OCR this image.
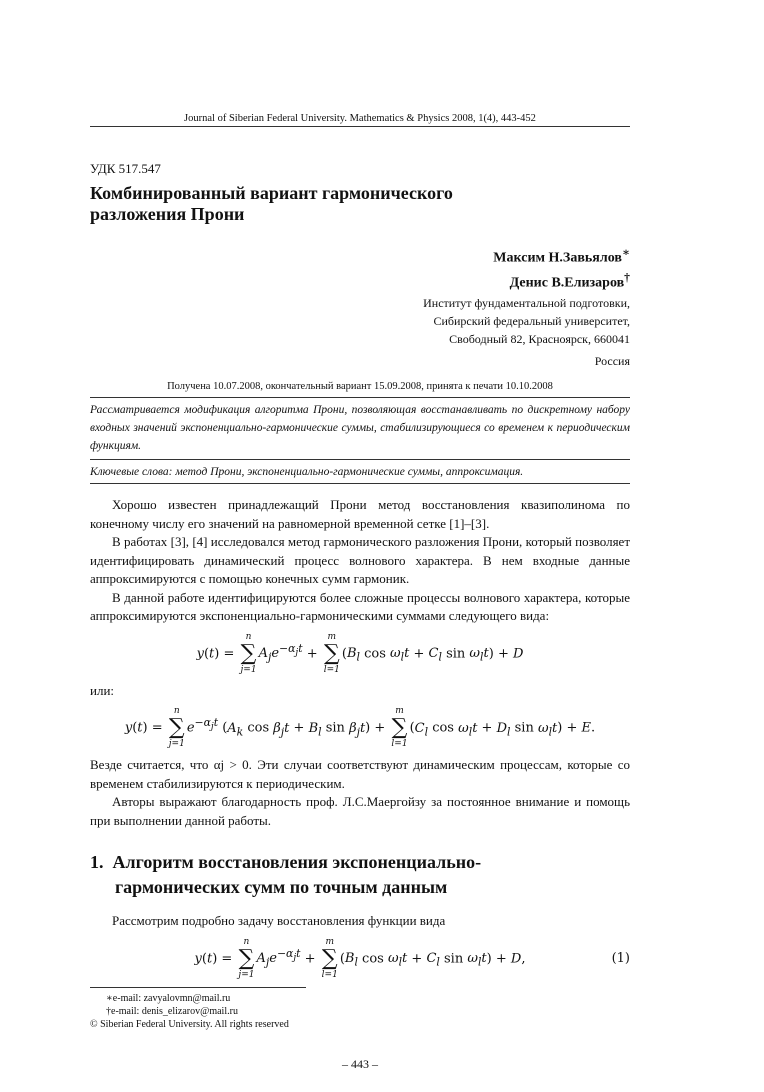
Journal of Siberian Federal University. Mathematics & Physics 2008, 1(4), 443-452
УДК 517.547
Комбинированный вариант гармонического
разложения Прони
Максим Н.Завьялов∗
Денис В.Елизаров†
Институт фундаментальной подготовки,
Сибирский федеральный университет,
Свободный 82, Красноярск, 660041
Россия
Получена 10.07.2008, окончательный вариант 15.09.2008, принята к печати 10.10.2008
Рассматривается модификация алгоритма Прони, позволяющая восстанавливать по дискретному набору входных значений экспоненциально-гармонические суммы, стабилизирующиеся со временем к периодическим функциям.
Ключевые слова: метод Прони, экспоненциально-гармонические суммы, аппроксимация.

Хорошо известен принадлежащий Прони метод восстановления квазиполинома по конечному числу его значений на равномерной временной сетке [1]–[3].

В работах [3], [4] исследовался метод гармонического разложения Прони, который позволяет идентифицировать динамический процесс волнового характера. В нем входные данные аппроксимируются с помощью конечных сумм гармоник.

В данной работе идентифицируются более сложные процессы волнового характера, которые аппроксимируются экспоненциально-гармоническими суммами следующего вида:

y(t) =
n
∑
j=1
$A_je^{-\alpha_jt}$ +
m
∑
l=1
($B_l$ $\cos \omega_lt + C_l$ $\sin \omega_lt) + D$
или:
y(t) =
n
∑
j=1
$e^{-\alpha_jt}$ ($A_k$ $\cos \beta_jt + B_l$ $\sin \beta_jt$) +
m
∑
l=1
($C_l$ $\cos \omega_lt + D_l$ $\sin \omega_lt) + E$.

Везде считается, что αj > 0. Эти случаи соответствуют динамическим процессам, которые со временем стабилизируются к периодическим.

Авторы выражают благодарность проф. Л.С.Маергойзу за постоянное внимание и помощь при выполнении данной работы.

1. Алгоритм восстановления экспоненциально-
гармонических сумм по точным данным

Рассмотрим подробно задачу восстановления функции вида

y(t) =
n
∑
j=1
$A_je^{-\alpha_jt}$ +
m
∑
l=1
($B_l$ $\cos \omega_lt + C_l$ $\sin \omega_lt) + D$,	(1)
∗e-mail: zavyalovmn@mail.ru
†e-mail: denis_elizarov@mail.ru
© Siberian Federal University. All rights reserved
– 443 –
